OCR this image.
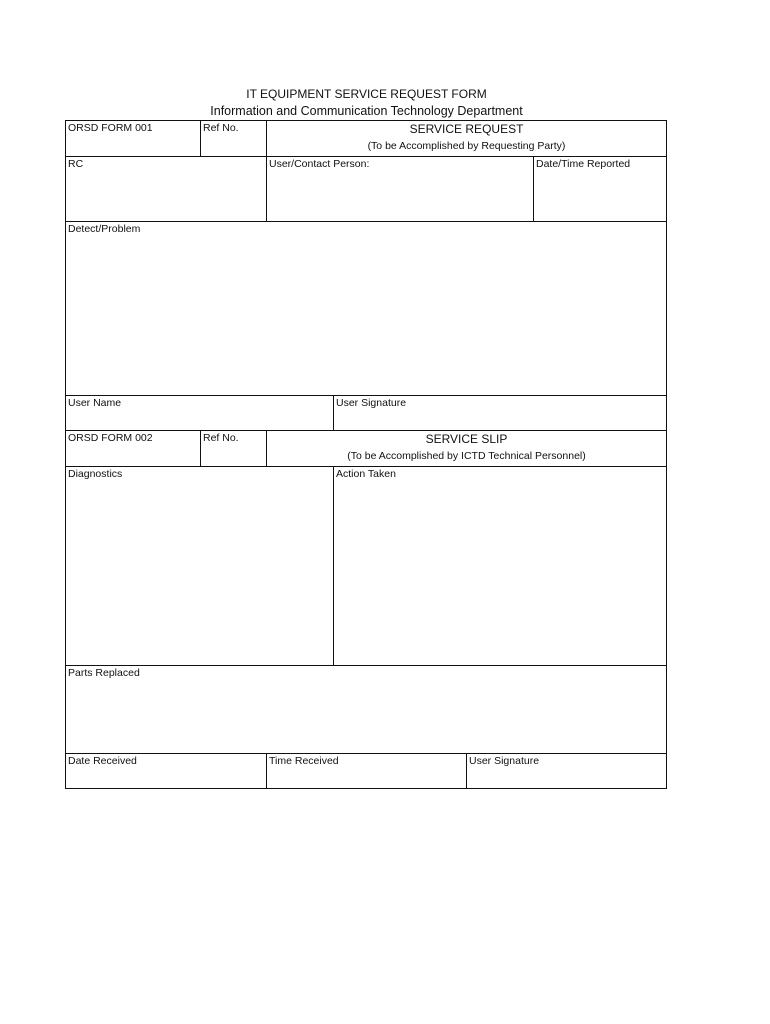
IT EQUIPMENT SERVICE REQUEST FORM
Information and Communication Technology Department
ORSD FORM 001	Ref No.	SERVICE REQUEST
(To be Accomplished by Requesting Party)
RC	User/Contact Person:	Date/Time Reported
Detect/Problem
User Name	User Signature
ORSD FORM 002	Ref No.	SERVICE SLIP
(To be Accomplished by ICTD Technical Personnel)
Diagnostics	Action Taken
Parts Replaced
Date Received	Time Received	User Signature
